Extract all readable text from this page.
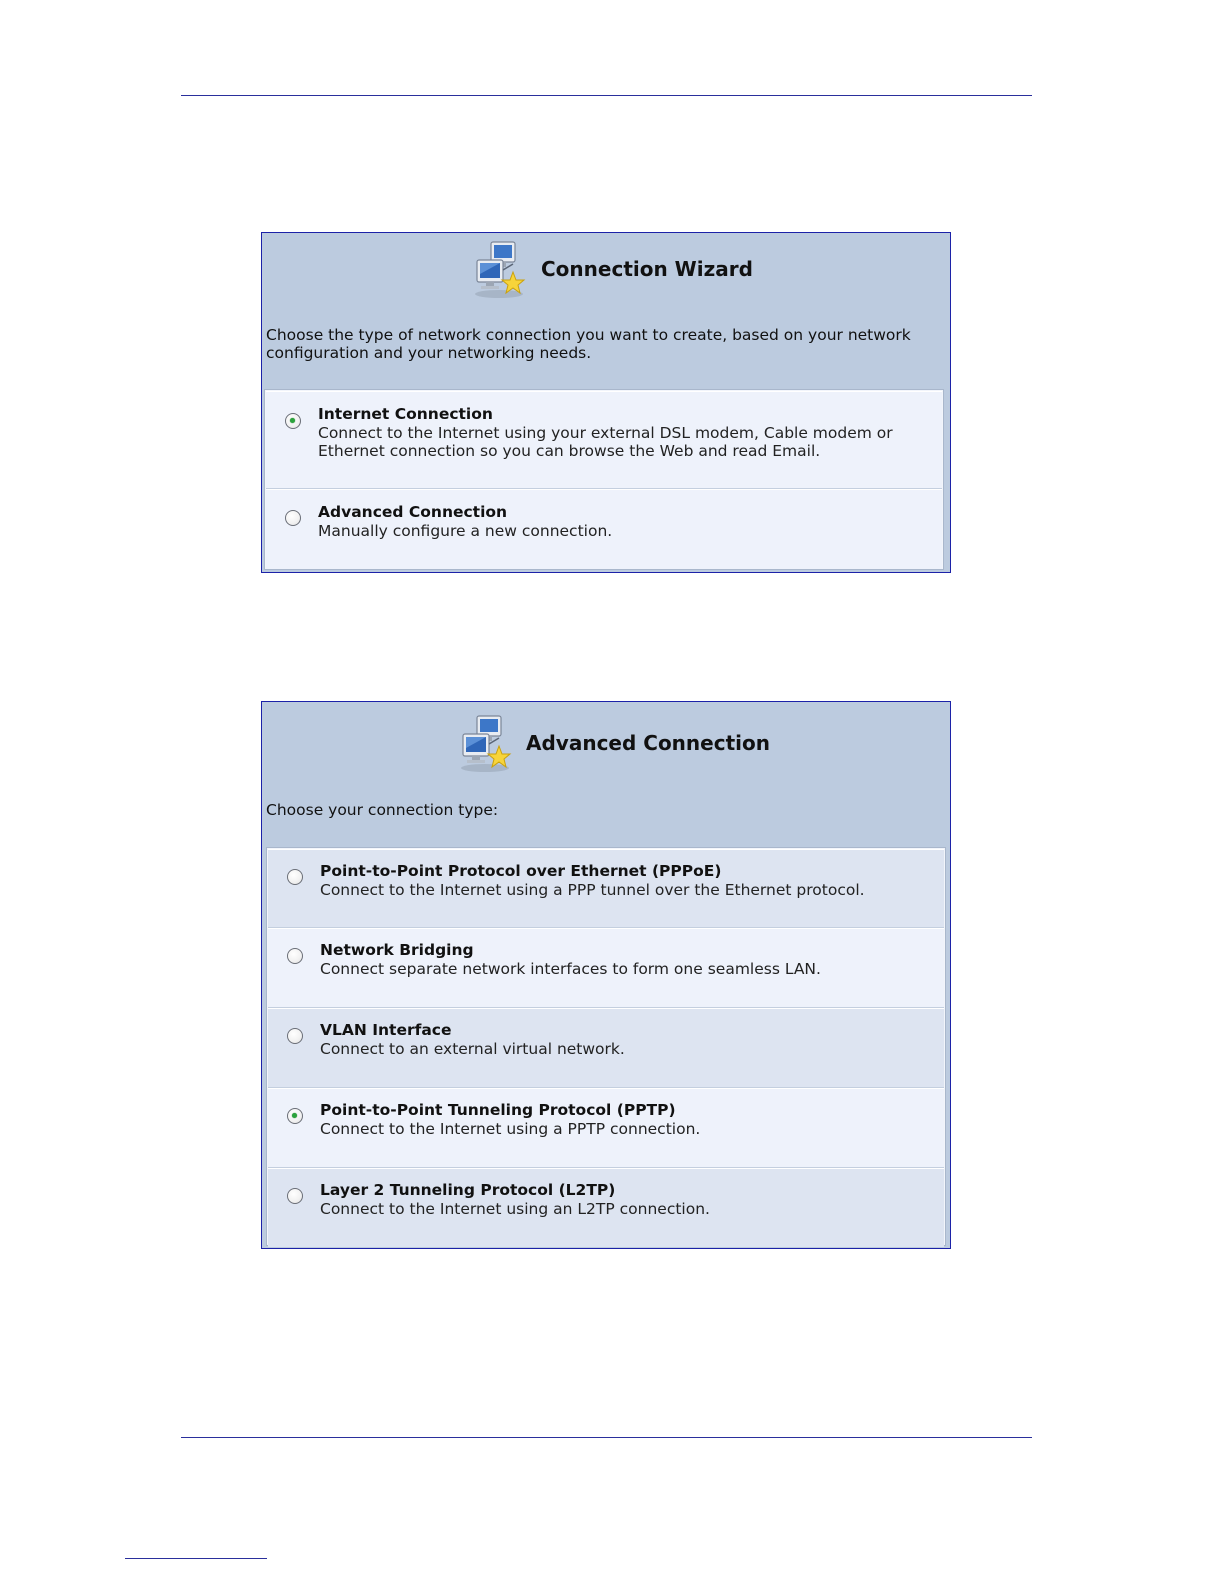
Connection Wizard
Choose the type of network connection you want to create, based on your network configuration and your networking needs.
Internet Connection
Connect to the Internet using your external DSL modem, Cable modem or Ethernet connection so you can browse the Web and read Email.
Advanced Connection
Manually configure a new connection.
Advanced Connection
Choose your connection type:
Point-to-Point Protocol over Ethernet (PPPoE)
Connect to the Internet using a PPP tunnel over the Ethernet protocol.
Network Bridging
Connect separate network interfaces to form one seamless LAN.
VLAN Interface
Connect to an external virtual network.
Point-to-Point Tunneling Protocol (PPTP)
Connect to the Internet using a PPTP connection.
Layer 2 Tunneling Protocol (L2TP)
Connect to the Internet using an L2TP connection.
